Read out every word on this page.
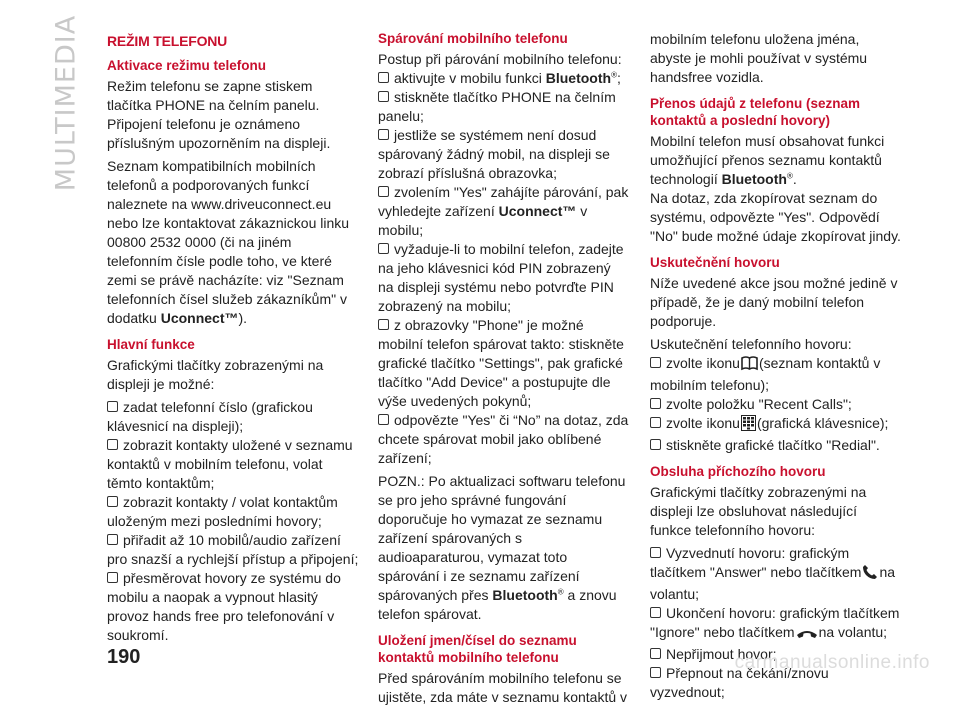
MULTIMEDIA REŽIM TELEFONU
Aktivace režimu telefonu

Režim telefonu se zapne stiskem tlačítka PHONE na čelním panelu. Připojení telefonu je oznámeno příslušným upozorněním na displeji.

Seznam kompatibilních mobilních telefonů a podporovaných funkcí naleznete na www.driveuconnect.eu nebo lze kontaktovat zákaznickou linku 00800 2532 0000 (či na jiném telefonním čísle podle toho, ve které zemi se právě nacházíte: viz "Seznam telefonních čísel služeb zákazníkům" v dodatku Uconnect™).

Hlavní funkce

Grafickými tlačítky zobrazenými na displeji je možné:

zadat telefonní číslo (grafickou klávesnicí na displeji);
zobrazit kontakty uložené v seznamu kontaktů v mobilním telefonu, volat těmto kontaktům;
zobrazit kontakty / volat kontaktům uloženým mezi posledními hovory;
přiřadit až 10 mobilů/audio zařízení pro snazší a rychlejší přístup a připojení;
přesměrovat hovory ze systému do mobilu a naopak a vypnout hlasitý provoz hands free pro telefonování v soukromí.
Spárování mobilního telefonu
Postup při párování mobilního telefonu:
aktivujte v mobilu funkci Bluetooth®;
stiskněte tlačítko PHONE na čelním panelu;
jestliže se systémem není dosud spárovaný žádný mobil, na displeji se zobrazí příslušná obrazovka;
zvolením "Yes" zahájíte párování, pak vyhledejte zařízení Uconnect™ v mobilu;
vyžaduje-li to mobilní telefon, zadejte na jeho klávesnici kód PIN zobrazený na displeji systému nebo potvrďte PIN zobrazený na mobilu;
z obrazovky "Phone" je možné mobilní telefon spárovat takto: stiskněte grafické tlačítko "Settings", pak grafické tlačítko "Add Device" a postupujte dle výše uvedených pokynů;
odpovězte "Yes" či “No” na dotaz, zda chcete spárovat mobil jako oblíbené zařízení;

POZN.: Po aktualizaci softwaru telefonu se pro jeho správné fungování doporučuje ho vymazat ze seznamu zařízení spárovaných s audioaparaturou, vymazat toto spárování i ze seznamu zařízení spárovaných přes Bluetooth® a znovu telefon spárovat.

Uložení jmen/čísel do seznamu kontaktů mobilního telefonu

Před spárováním mobilního telefonu se ujistěte, zda máte v seznamu kontaktů v

mobilním telefonu uložena jména, abyste je mohli používat v systému handsfree vozidla.

Přenos údajů z telefonu (seznam kontaktů a poslední hovory)
Mobilní telefon musí obsahovat funkci umožňující přenos seznamu kontaktů technologií Bluetooth®.

Na dotaz, zda zkopírovat seznam do systému, odpovězte "Yes". Odpovědí "No" bude možné údaje zkopírovat jindy.

Uskutečnění hovoru

Níže uvedené akce jsou možné jedině v případě, že je daný mobilní telefon podporuje.

Uskutečnění telefonního hovoru:
zvolte ikonu (seznam kontaktů v mobilním telefonu);
zvolte položku "Recent Calls";
zvolte ikonu (grafická klávesnice);
stiskněte grafické tlačítko "Redial".
Obsluha příchozího hovoru

Grafickými tlačítky zobrazenými na displeji lze obsluhovat následující funkce telefonního hovoru:

Vyzvednutí hovoru: grafickým tlačítkem "Answer" nebo tlačítkem na volantu;
Ukončení hovoru: grafickým tlačítkem "Ignore" nebo tlačítkem na volantu;
Nepřijmout hovor;
Přepnout na čekání/znovu vyzvednout;
190	carmanualsonline.info
